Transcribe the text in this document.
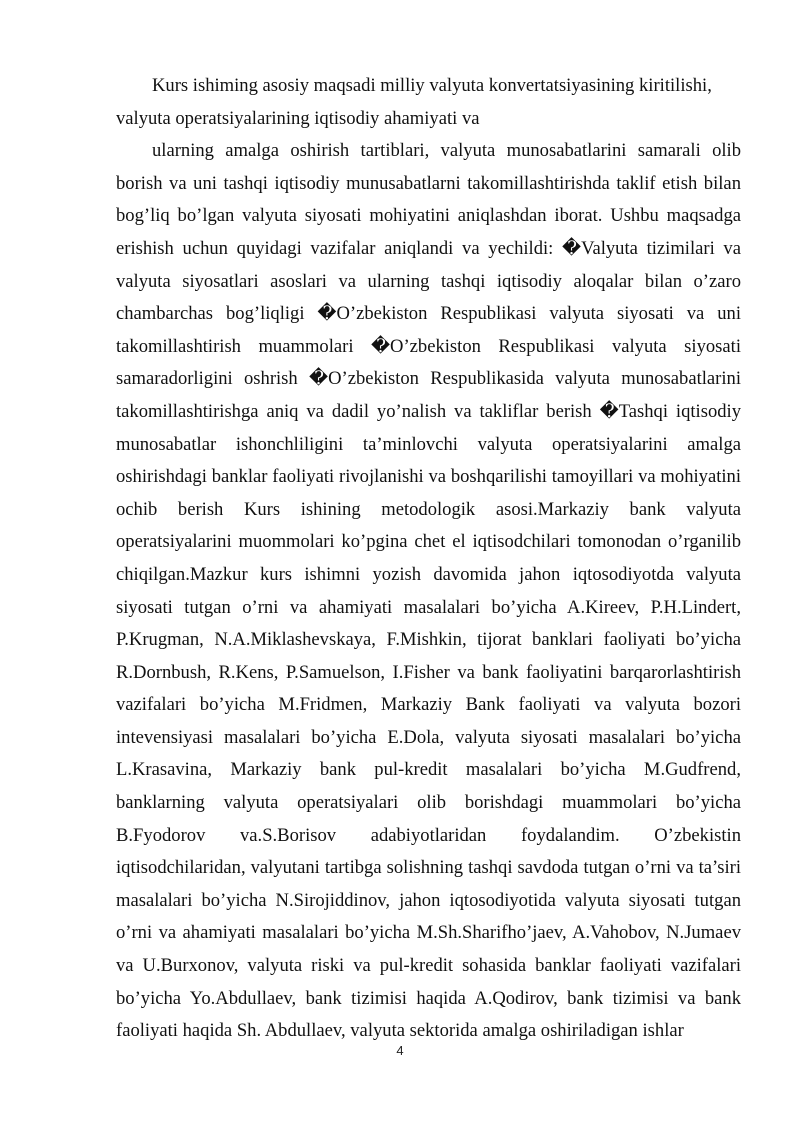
Kurs ishiming asosiy maqsadi milliy valyuta konvertatsiyasining kiritilishi, valyuta operatsiyalarining iqtisodiy ahamiyati va

ularning amalga oshirish tartiblari, valyuta munosabatlarini samarali olib borish va uni tashqi iqtisodiy munusabatlarni takomillashtirishda taklif etish bilan bog’liq bo’lgan valyuta siyosati mohiyatini aniqlashdan iborat. Ushbu maqsadga erishish uchun quyidagi vazifalar aniqlandi va yechildi: �Valyuta tizimilari va valyuta siyosatlari asoslari va ularning tashqi iqtisodiy aloqalar bilan o’zaro chambarchas bog’liqligi �O’zbekiston Respublikasi valyuta siyosati va uni takomillashtirish muammolari �O’zbekiston Respublikasi valyuta siyosati samaradorligini oshrish �O’zbekiston Respublikasida valyuta munosabatlarini takomillashtirishga aniq va dadil yo’nalish va takliflar berish �Tashqi iqtisodiy munosabatlar ishonchliligini ta’minlovchi valyuta operatsiyalarini amalga oshirishdagi banklar faoliyati rivojlanishi va boshqarilishi tamoyillari va mohiyatini ochib berish Kurs ishining metodologik asosi.Markaziy bank valyuta operatsiyalarini muommolari ko’pgina chet el iqtisodchilari tomonodan o’rganilib chiqilgan.Mazkur kurs ishimni yozish davomida jahon iqtosodiyotda valyuta siyosati tutgan o’rni va ahamiyati masalalari bo’yicha A.Kireev, P.H.Lindert, P.Krugman, N.A.Miklashevskaya, F.Mishkin, tijorat banklari faoliyati bo’yicha R.Dornbush, R.Kens, P.Samuelson, I.Fisher va bank faoliyatini barqarorlashtirish vazifalari bo’yicha M.Fridmen, Markaziy Bank faoliyati va valyuta bozori intevensiyasi masalalari bo’yicha E.Dola, valyuta siyosati masalalari bo’yicha L.Krasavina, Markaziy bank pul-kredit masalalari bo’yicha M.Gudfrend, banklarning valyuta operatsiyalari olib borishdagi muammolari bo’yicha B.Fyodorov va.S.Borisov adabiyotlaridan foydalandim. O’zbekistin iqtisodchilaridan, valyutani tartibga solishning tashqi savdoda tutgan o’rni va ta’siri masalalari bo’yicha N.Sirojiddinov, jahon iqtosodiyotida valyuta siyosati tutgan o’rni va ahamiyati masalalari bo’yicha M.Sh.Sharifho’jaev, A.Vahobov, N.Jumaev va U.Burxonov, valyuta riski va pul-kredit sohasida banklar faoliyati vazifalari bo’yicha Yo.Abdullaev, bank tizimisi haqida A.Qodirov, bank tizimisi va bank faoliyati haqida Sh. Abdullaev, valyuta sektorida amalga oshiriladigan ishlar

4
